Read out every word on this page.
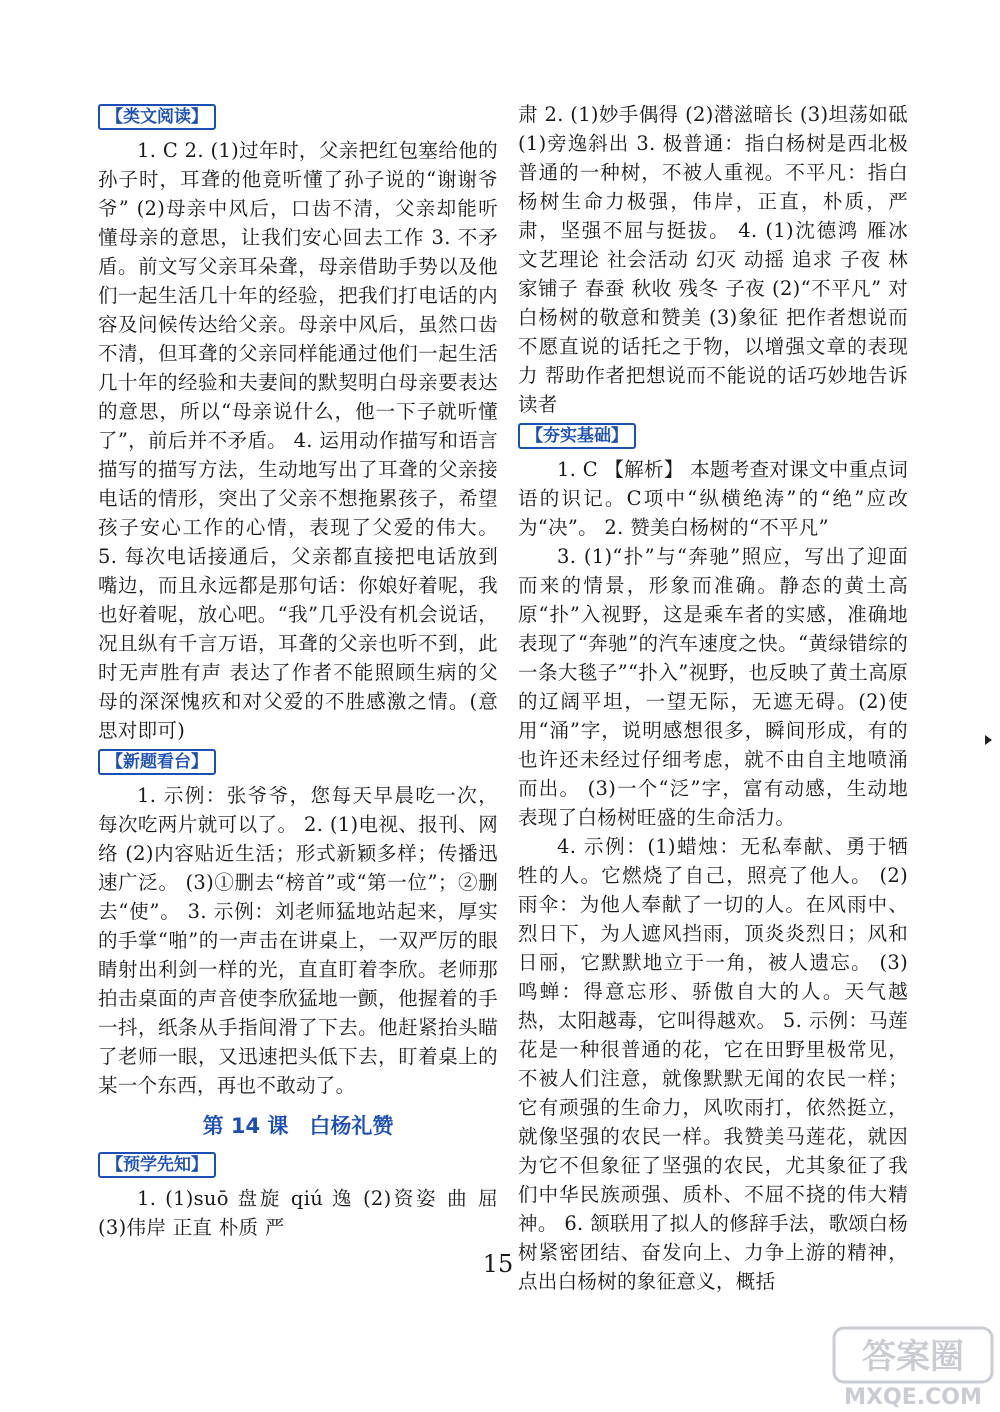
【类文阅读】

1. C 2. (1)过年时，父亲把红包塞给他的孙子时，耳聋的他竟听懂了孙子说的“谢谢爷爷” (2)母亲中风后，口齿不清，父亲却能听懂母亲的意思，让我们安心回去工作 3. 不矛盾。前文写父亲耳朵聋，母亲借助手势以及他们一起生活几十年的经验，把我们打电话的内容及问候传达给父亲。母亲中风后，虽然口齿不清，但耳聋的父亲同样能通过他们一起生活几十年的经验和夫妻间的默契明白母亲要表达的意思，所以“母亲说什么，他一下子就听懂了”，前后并不矛盾。 4. 运用动作描写和语言描写的描写方法，生动地写出了耳聋的父亲接电话的情形，突出了父亲不想拖累孩子，希望孩子安心工作的心情，表现了父爱的伟大。 5. 每次电话接通后，父亲都直接把电话放到嘴边，而且永远都是那句话：你娘好着呢，我也好着呢，放心吧。“我”几乎没有机会说话，况且纵有千言万语，耳聋的父亲也听不到，此时无声胜有声 表达了作者不能照顾生病的父母的深深愧疚和对父爱的不胜感激之情。(意思对即可)

【新题看台】

1. 示例：张爷爷，您每天早晨吃一次，每次吃两片就可以了。 2. (1)电视、报刊、网络 (2)内容贴近生活；形式新颖多样；传播迅速广泛。 (3)①删去“榜首”或“第一位”；②删去“使”。 3. 示例：刘老师猛地站起来，厚实的手掌“啪”的一声击在讲桌上，一双严厉的眼睛射出利剑一样的光，直直盯着李欣。老师那拍击桌面的声音使李欣猛地一颤，他握着的手一抖，纸条从手指间滑了下去。他赶紧抬头瞄了老师一眼，又迅速把头低下去，盯着桌上的某一个东西，再也不敢动了。

第 14 课　白杨礼赞
【预学先知】

1. (1)suō 盘旋 qiú 逸 (2)资姿 曲 屈 (3)伟岸 正直 朴质 严

肃 2. (1)妙手偶得 (2)潜滋暗长 (3)坦荡如砥 (1)旁逸斜出 3. 极普通：指白杨树是西北极普通的一种树，不被人重视。不平凡：指白杨树生命力极强，伟岸，正直，朴质，严肃，坚强不屈与挺拔。 4. (1)沈德鸿 雁冰 文艺理论 社会活动 幻灭 动摇 追求 子夜 林家铺子 春蚕 秋收 残冬 子夜 (2)“不平凡” 对白杨树的敬意和赞美 (3)象征 把作者想说而不愿直说的话托之于物，以增强文章的表现力 帮助作者把想说而不能说的话巧妙地告诉读者

【夯实基础】

1. C 【解析】 本题考查对课文中重点词语的识记。C项中“纵横绝涛”的“绝”应改为“决”。 2. 赞美白杨树的“不平凡”

3. (1)“扑”与“奔驰”照应，写出了迎面而来的情景，形象而准确。静态的黄土高原“扑”入视野，这是乘车者的实感，准确地表现了“奔驰”的汽车速度之快。“黄绿错综的一条大毯子”“扑入”视野，也反映了黄土高原的辽阔平坦，一望无际，无遮无碍。(2)使用“涌”字，说明感想很多，瞬间形成，有的也许还未经过仔细考虑，就不由自主地喷涌而出。 (3)一个“泛”字，富有动感，生动地表现了白杨树旺盛的生命活力。

4. 示例：(1)蜡烛：无私奉献、勇于牺牲的人。它燃烧了自己，照亮了他人。 (2)雨伞：为他人奉献了一切的人。在风雨中、烈日下，为人遮风挡雨，顶炎炎烈日；风和日丽，它默默地立于一角，被人遗忘。 (3)鸣蝉：得意忘形、骄傲自大的人。天气越热，太阳越毒，它叫得越欢。 5. 示例：马莲花是一种很普通的花，它在田野里极常见，不被人们注意，就像默默无闻的农民一样；它有顽强的生命力，风吹雨打，依然挺立，就像坚强的农民一样。我赞美马莲花，就因为它不但象征了坚强的农民，尤其象征了我们中华民族顽强、质朴、不屈不挠的伟大精神。 6. 颔联用了拟人的修辞手法，歌颂白杨树紧密团结、奋发向上、力争上游的精神，点出白杨树的象征意义，概括

15
答案圈
MXQE.COM
